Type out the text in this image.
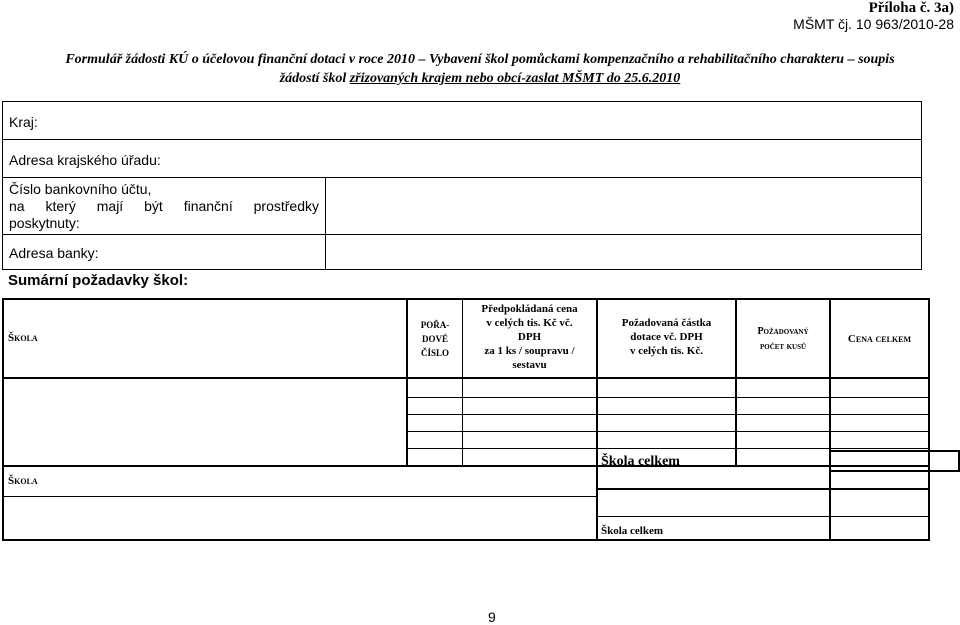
Příloha č. 3a)
MŠMT čj. 10 963/2010-28
Formulář žádosti KÚ o účelovou finanční dotaci v roce 2010 – Vybavení škol pomůckami kompenzačního a rehabilitačního charakteru – soupis
žádostí škol zřizovaných krajem nebo obcí-zaslat MŠMT do 25.6.2010
Kraj:
Adresa krajského úřadu:
Číslo bankovního účtu,
na který mají být finanční prostředky
poskytnuty:
Adresa banky:
Sumární požadavky škol:
Škola
POŘA-
DOVÉ
ČÍSLO
Předpokládaná cena
v celých tis. Kč vč.
DPH
za 1 ks / soupravu /
sestavu
Požadovaná částka
dotace vč. DPH
v celých tis. Kč.
Požadovaný
počet kusů
Cena celkem
Škola
Škola celkem
Škola celkem
9
